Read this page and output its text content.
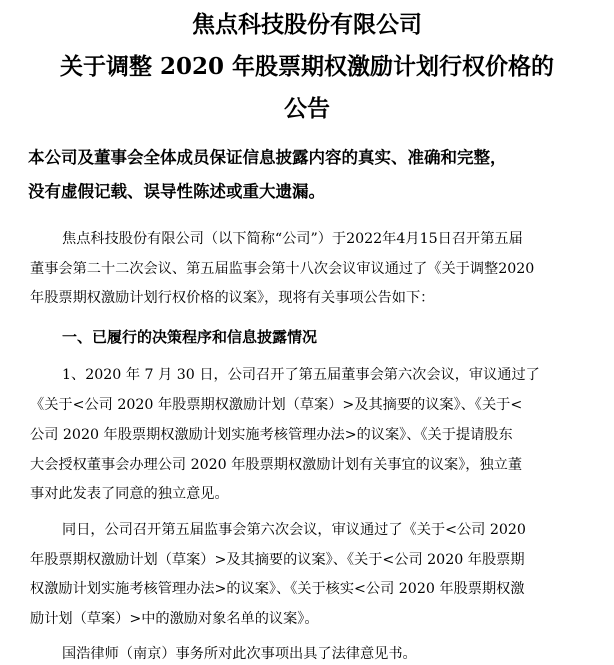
焦点科技股份有限公司
关于调整 2020 年股票期权激励计划行权价格的
公告
本公司及董事会全体成员保证信息披露内容的真实、准确和完整，
没有虚假记载、误导性陈述或重大遗漏。
焦点科技股份有限公司（以下简称“公司”）于2022年4月15日召开第五届
董事会第二十二次会议、第五届监事会第十八次会议审议通过了《关于调整2020
年股票期权激励计划行权价格的议案》，现将有关事项公告如下：
一、已履行的决策程序和信息披露情况
1、2020 年 7 月 30 日，公司召开了第五届董事会第六次会议，审议通过了
《关于<公司 2020 年股票期权激励计划（草案）>及其摘要的议案》、《关于<
公司 2020 年股票期权激励计划实施考核管理办法>的议案》、《关于提请股东
大会授权董事会办理公司 2020 年股票期权激励计划有关事宜的议案》，独立董
事对此发表了同意的独立意见。
同日，公司召开第五届监事会第六次会议，审议通过了《关于<公司 2020
年股票期权激励计划（草案）>及其摘要的议案》、《关于<公司 2020 年股票期
权激励计划实施考核管理办法>的议案》、《关于核实<公司 2020 年股票期权激
励计划（草案）>中的激励对象名单的议案》。
国浩律师（南京）事务所对此次事项出具了法律意见书。
